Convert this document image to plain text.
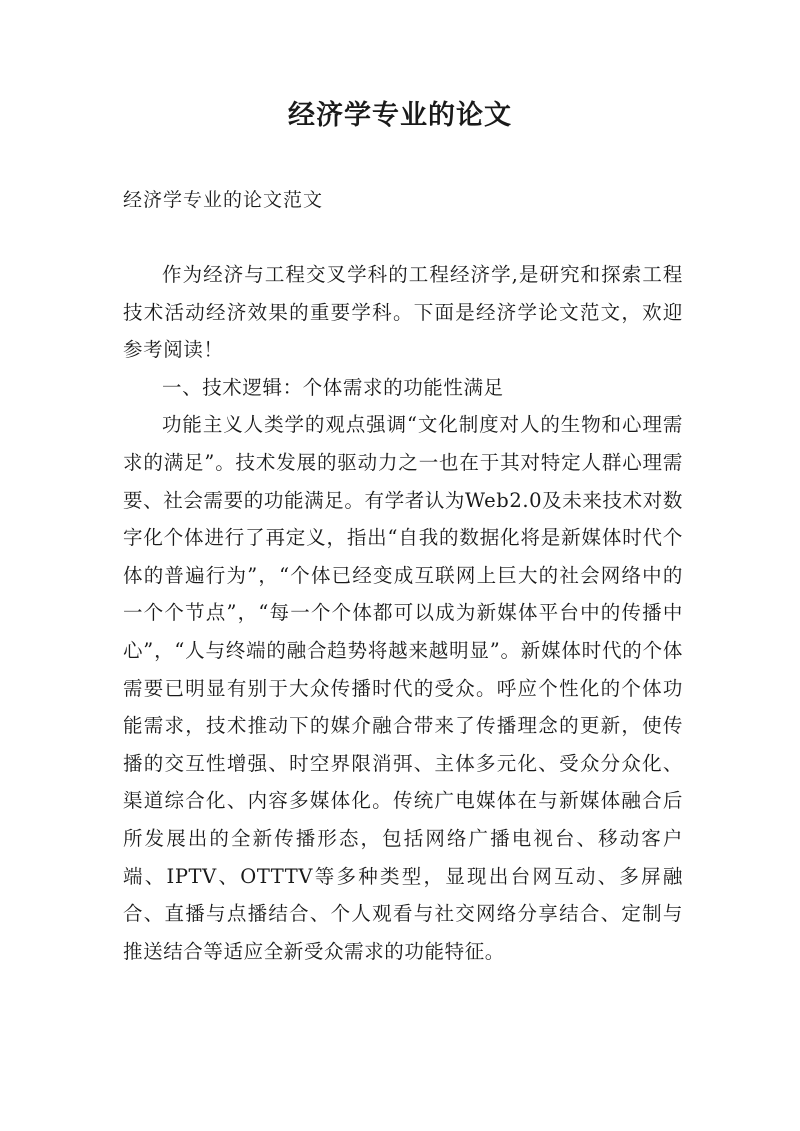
经济学专业的论文
经济学专业的论文范文

作为经济与工程交叉学科的工程经济学,是研究和探索工程技术活动经济效果的重要学科。下面是经济学论文范文，欢迎参考阅读！

一、技术逻辑：个体需求的功能性满足

功能主义人类学的观点强调“文化制度对人的生物和心理需求的满足”。技术发展的驱动力之一也在于其对特定人群心理需要、社会需要的功能满足。有学者认为Web2.0及未来技术对数字化个体进行了再定义，指出“自我的数据化将是新媒体时代个体的普遍行为”，“个体已经变成互联网上巨大的社会网络中的一个个节点”，“每一个个体都可以成为新媒体平台中的传播中心”，“人与终端的融合趋势将越来越明显”。新媒体时代的个体需要已明显有别于大众传播时代的受众。呼应个性化的个体功能需求，技术推动下的媒介融合带来了传播理念的更新，使传播的交互性增强、时空界限消弭、主体多元化、受众分众化、渠道综合化、内容多媒体化。传统广电媒体在与新媒体融合后所发展出的全新传播形态，包括网络广播电视台、移动客户端、IPTV、OTTTV等多种类型，显现出台网互动、多屏融合、直播与点播结合、个人观看与社交网络分享结合、定制与推送结合等适应全新受众需求的功能特征。
